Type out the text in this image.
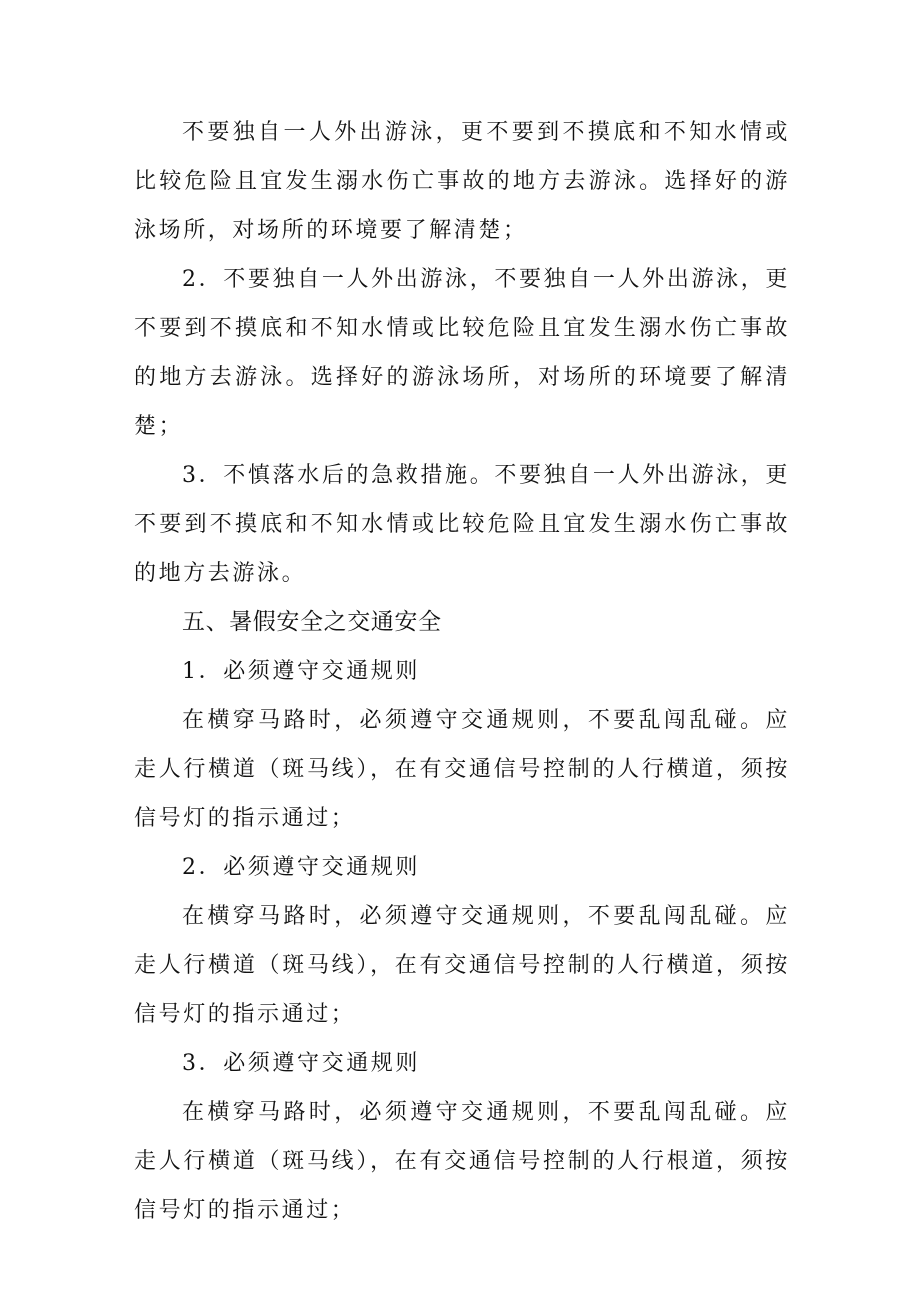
不要独自一人外出游泳，更不要到不摸底和不知水情或比较危险且宜发生溺水伤亡事故的地方去游泳。选择好的游泳场所，对场所的环境要了解清楚；

2．不要独自一人外出游泳，不要独自一人外出游泳，更不要到不摸底和不知水情或比较危险且宜发生溺水伤亡事故的地方去游泳。选择好的游泳场所，对场所的环境要了解清楚；

3．不慎落水后的急救措施。不要独自一人外出游泳，更不要到不摸底和不知水情或比较危险且宜发生溺水伤亡事故的地方去游泳。

五、暑假安全之交通安全

1．必须遵守交通规则

在横穿马路时，必须遵守交通规则，不要乱闯乱碰。应走人行横道（斑马线），在有交通信号控制的人行横道，须按信号灯的指示通过；

2．必须遵守交通规则

在横穿马路时，必须遵守交通规则，不要乱闯乱碰。应走人行横道（斑马线），在有交通信号控制的人行横道，须按信号灯的指示通过；

3．必须遵守交通规则

在横穿马路时，必须遵守交通规则，不要乱闯乱碰。应走人行横道（斑马线），在有交通信号控制的人行根道，须按信号灯的指示通过；
